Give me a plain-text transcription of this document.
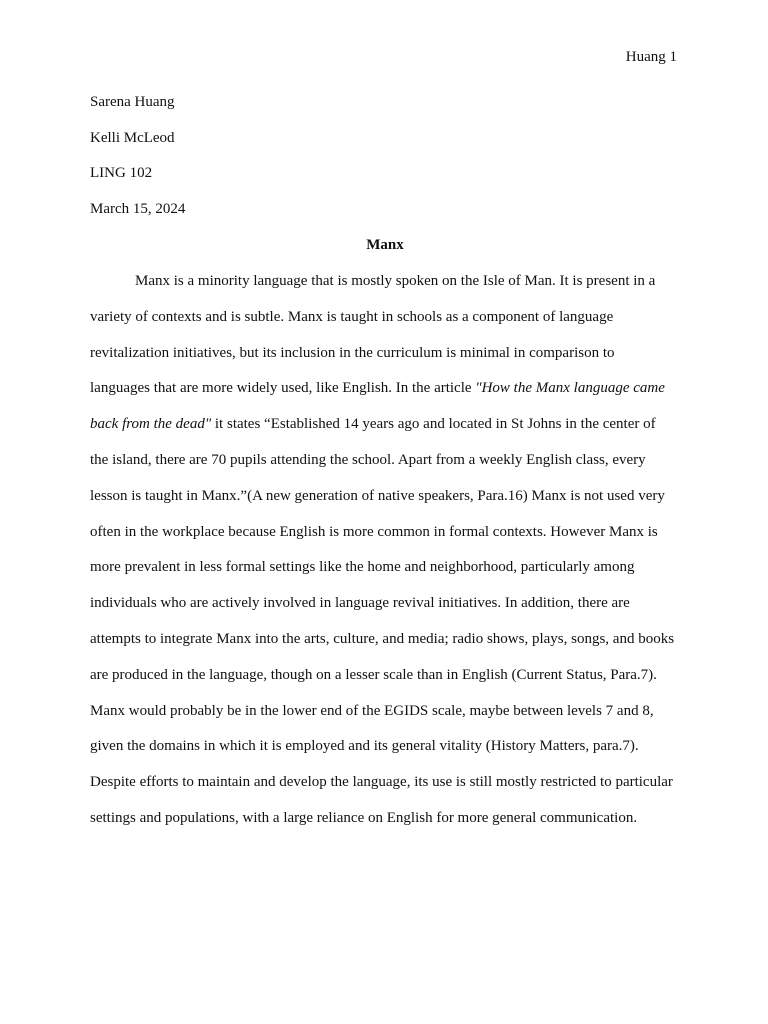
Huang 1
Sarena Huang
Kelli McLeod
LING 102
March 15, 2024
Manx
Manx is a minority language that is mostly spoken on the Isle of Man. It is present in a
variety of contexts and is subtle. Manx is taught in schools as a component of language
revitalization initiatives, but its inclusion in the curriculum is minimal in comparison to
languages that are more widely used, like English. In the article "How the Manx language came
back from the dead" it states “Established 14 years ago and located in St Johns in the center of
the island, there are 70 pupils attending the school. Apart from a weekly English class, every
lesson is taught in Manx.”(A new generation of native speakers, Para.16) Manx is not used very
often in the workplace because English is more common in formal contexts. However Manx is
more prevalent in less formal settings like the home and neighborhood, particularly among
individuals who are actively involved in language revival initiatives. In addition, there are
attempts to integrate Manx into the arts, culture, and media; radio shows, plays, songs, and books
are produced in the language, though on a lesser scale than in English (Current Status, Para.7).
Manx would probably be in the lower end of the EGIDS scale, maybe between levels 7 and 8,
given the domains in which it is employed and its general vitality (History Matters, para.7).
Despite efforts to maintain and develop the language, its use is still mostly restricted to particular
settings and populations, with a large reliance on English for more general communication.
